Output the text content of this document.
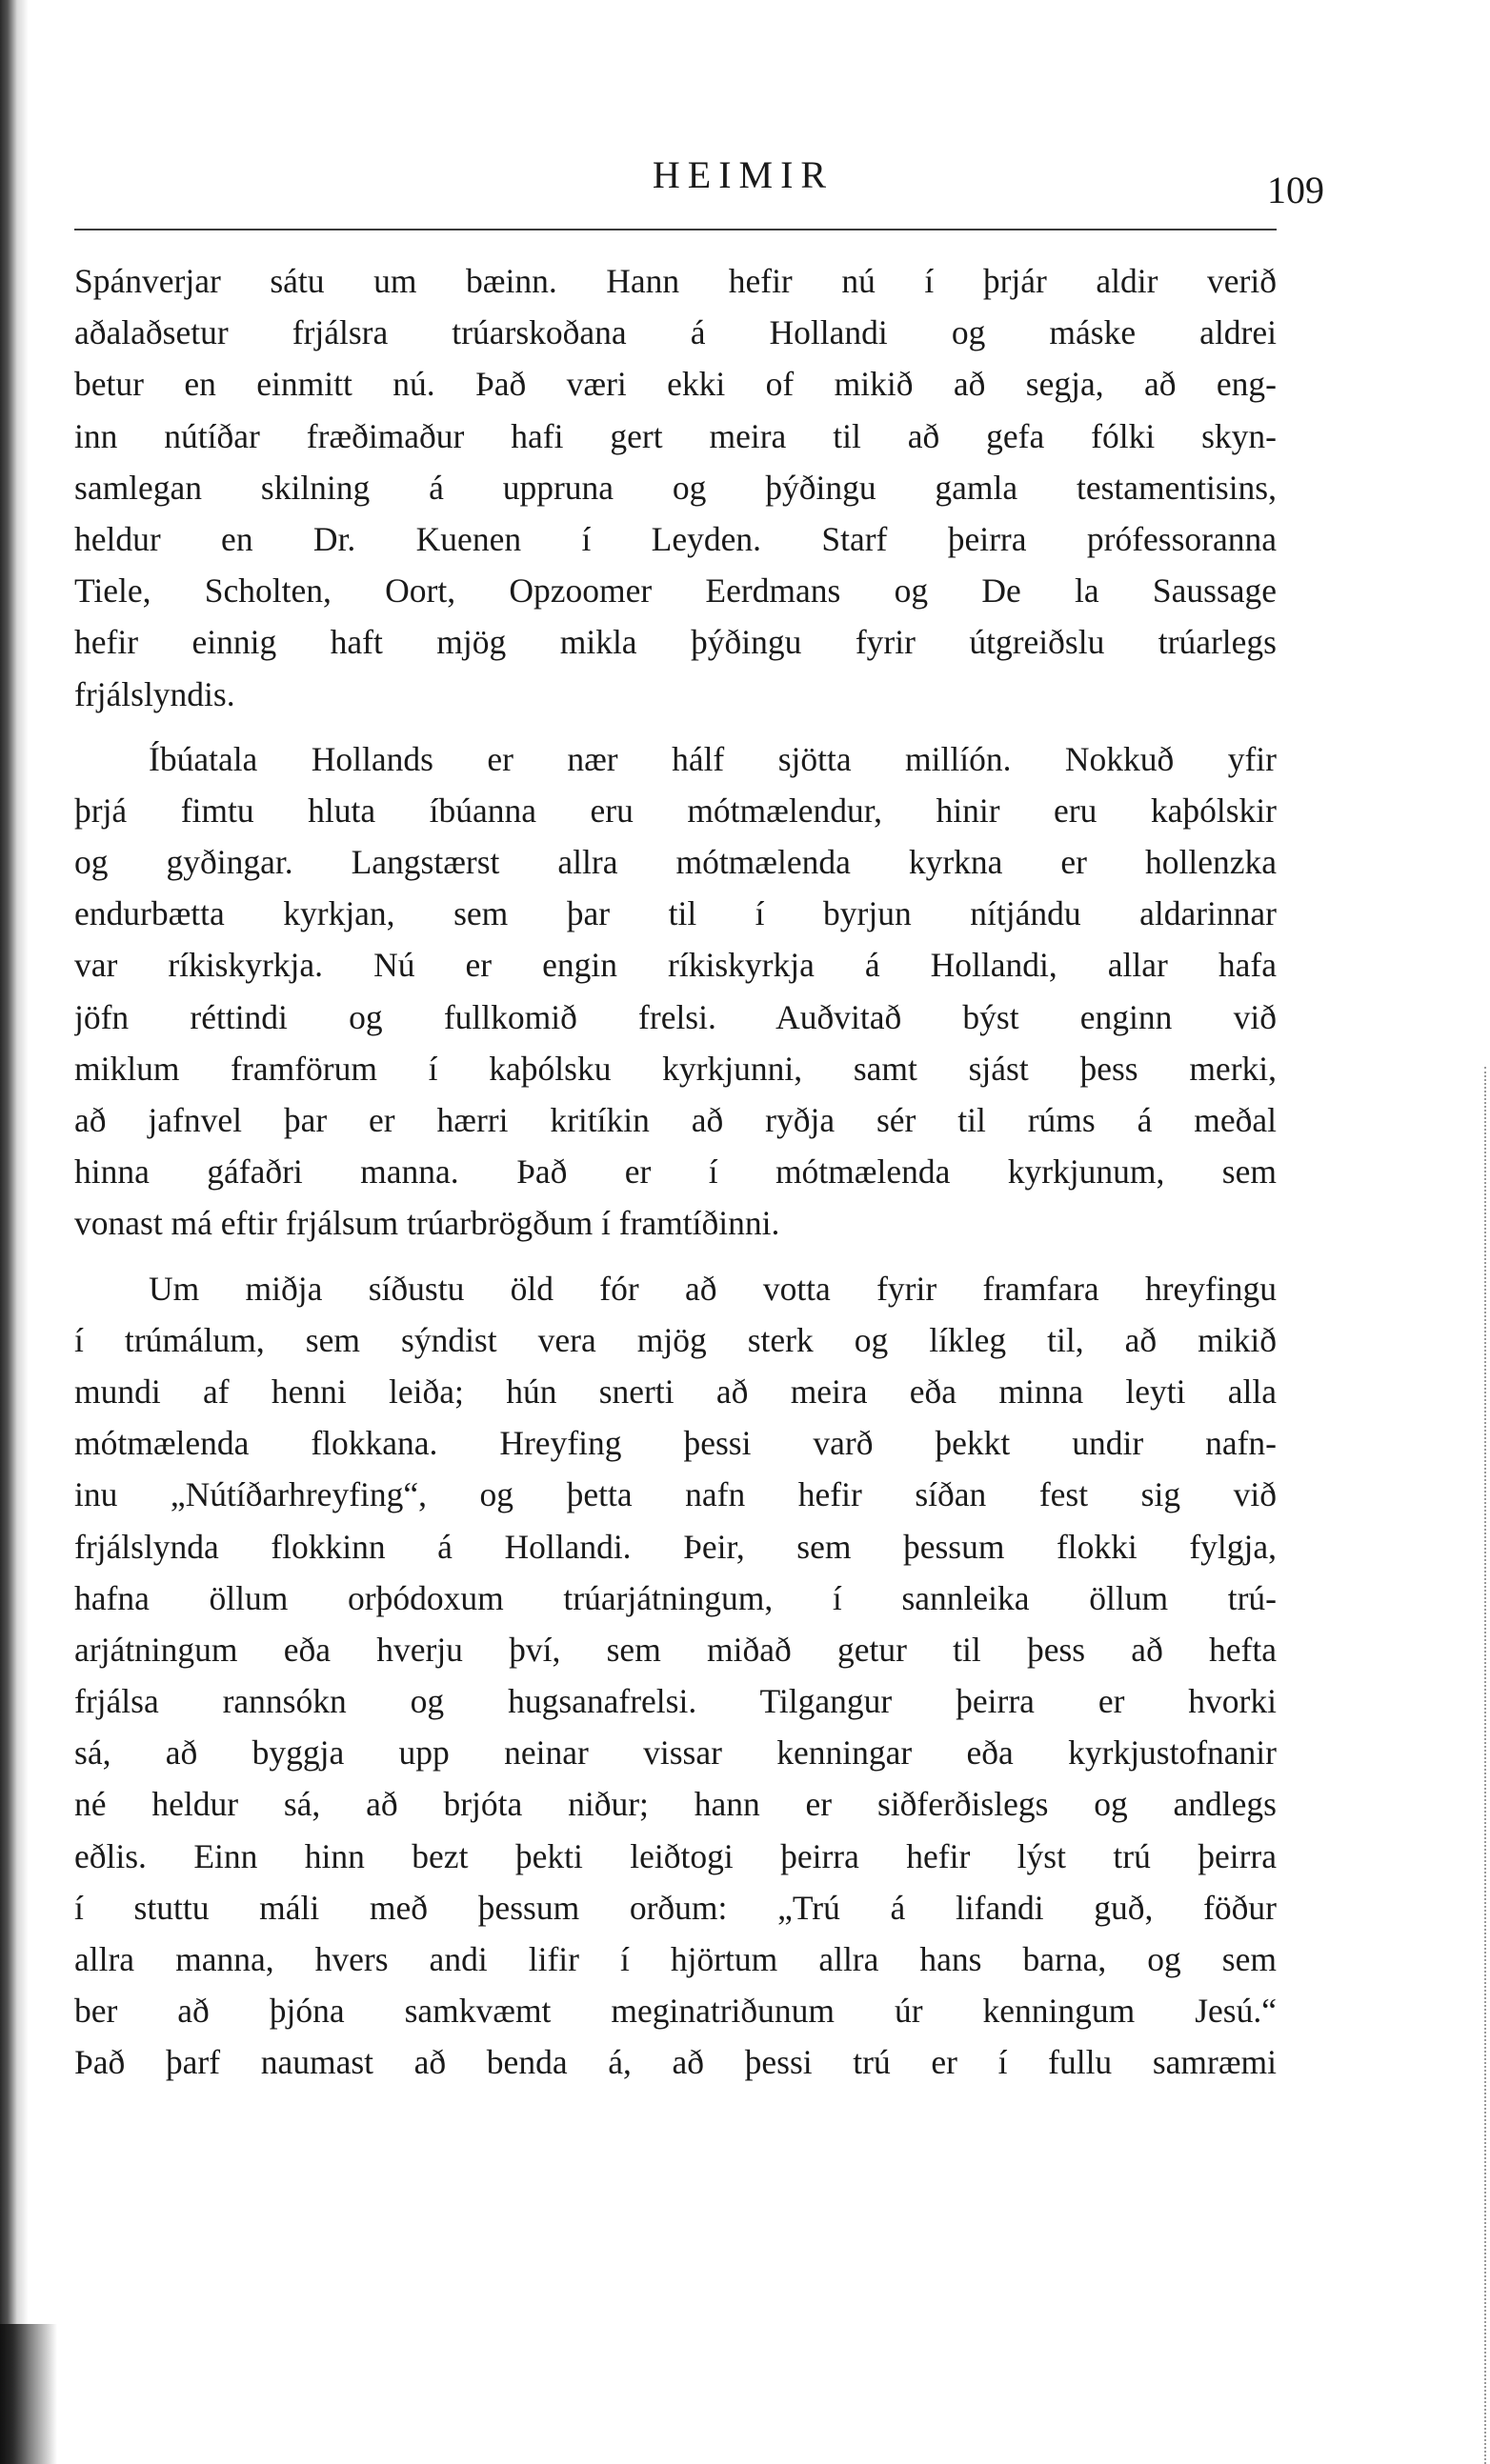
HEIMIR	109
Spánverjar sátu um bæinn. Hann hefir nú í þrjár aldir verið
aðalaðsetur frjálsra trúarskoðana á Hollandi og máske aldrei
betur en einmitt nú. Það væri ekki of mikið að segja, að eng-
inn nútíðar fræðimaður hafi gert meira til að gefa fólki skyn-
samlegan skilning á uppruna og þýðingu gamla testamentisins,
heldur en Dr. Kuenen í Leyden. Starf þeirra prófessoranna
Tiele, Scholten, Oort, Opzoomer Eerdmans og De la Saussage
hefir einnig haft mjög mikla þýðingu fyrir útgreiðslu trúarlegs
frjálslyndis.
Íbúatala Hollands er nær hálf sjötta millíón. Nokkuð yfir
þrjá fimtu hluta íbúanna eru mótmælendur, hinir eru kaþólskir
og gyðingar. Langstærst allra mótmælenda kyrkna er hollenzka
endurbætta kyrkjan, sem þar til í byrjun nítjándu aldarinnar
var ríkiskyrkja. Nú er engin ríkiskyrkja á Hollandi, allar hafa
jöfn réttindi og fullkomið frelsi. Auðvitað býst enginn við
miklum framförum í kaþólsku kyrkjunni, samt sjást þess merki,
að jafnvel þar er hærri kritíkin að ryðja sér til rúms á meðal
hinna gáfaðri manna. Það er í mótmælenda kyrkjunum, sem
vonast má eftir frjálsum trúarbrögðum í framtíðinni.
Um miðja síðustu öld fór að votta fyrir framfara hreyfingu
í trúmálum, sem sýndist vera mjög sterk og líkleg til, að mikið
mundi af henni leiða; hún snerti að meira eða minna leyti alla
mótmælenda flokkana. Hreyfing þessi varð þekkt undir nafn-
inu „Nútíðarhreyfing“, og þetta nafn hefir síðan fest sig við
frjálslynda flokkinn á Hollandi. Þeir, sem þessum flokki fylgja,
hafna öllum orþódoxum trúarjátningum, í sannleika öllum trú-
arjátningum eða hverju því, sem miðað getur til þess að hefta
frjálsa rannsókn og hugsanafrelsi. Tilgangur þeirra er hvorki
sá, að byggja upp neinar vissar kenningar eða kyrkjustofnanir
né heldur sá, að brjóta niður; hann er siðferðislegs og andlegs
eðlis. Einn hinn bezt þekti leiðtogi þeirra hefir lýst trú þeirra
í stuttu máli með þessum orðum: „Trú á lifandi guð, föður
allra manna, hvers andi lifir í hjörtum allra hans barna, og sem
ber að þjóna samkvæmt meginatriðunum úr kenningum Jesú.“
Það þarf naumast að benda á, að þessi trú er í fullu samræmi
